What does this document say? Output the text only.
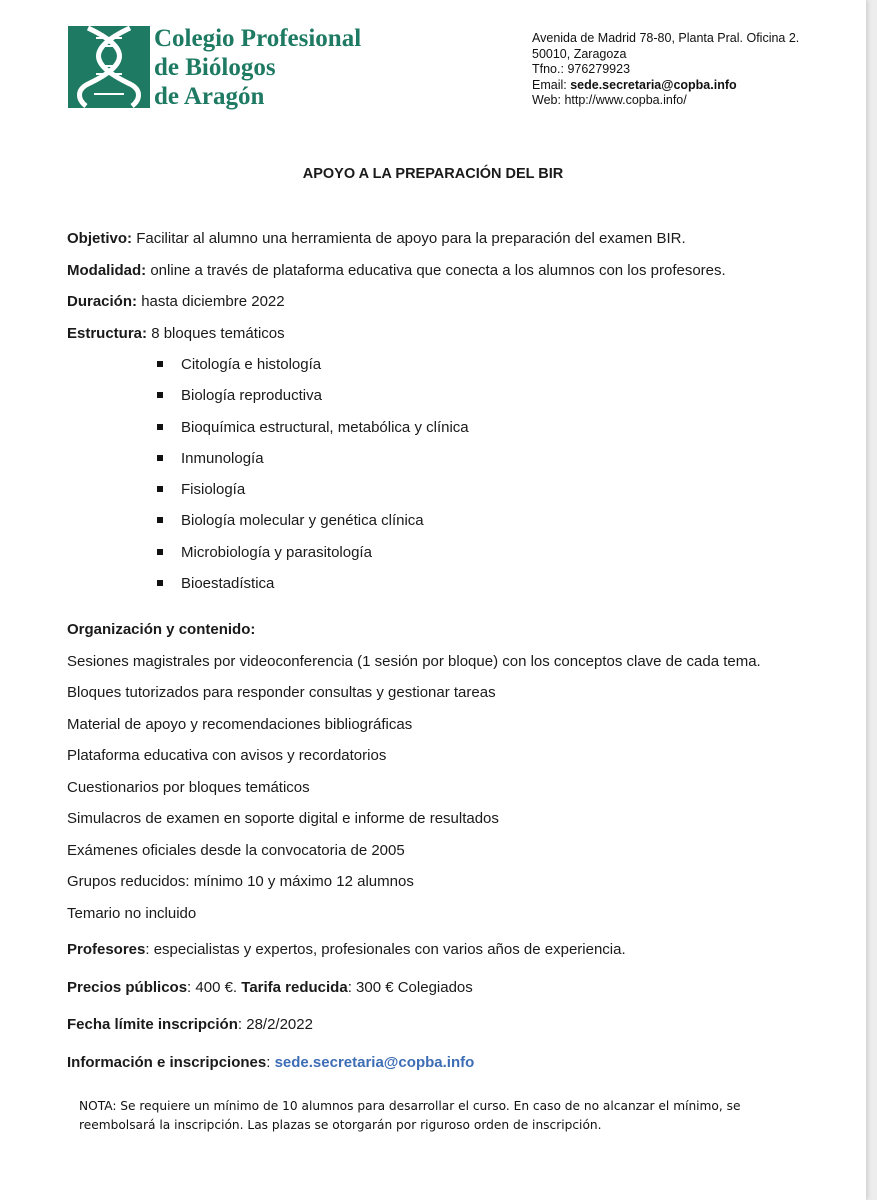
Colegio Profesional
de Biólogos
de Aragón
Avenida de Madrid 78-80, Planta Pral. Oficina 2.
50010, Zaragoza
Tfno.: 976279923
Email: sede.secretaria@copba.info
Web: http://www.copba.info/
APOYO A LA PREPARACIÓN DEL BIR
Objetivo: Facilitar al alumno una herramienta de apoyo para la preparación del examen BIR.
Modalidad: online a través de plataforma educativa que conecta a los alumnos con los profesores.
Duración: hasta diciembre 2022
Estructura: 8 bloques temáticos
Citología e histología
Biología reproductiva
Bioquímica estructural, metabólica y clínica
Inmunología
Fisiología
Biología molecular y genética clínica
Microbiología y parasitología
Bioestadística
Organización y contenido:
Sesiones magistrales por videoconferencia (1 sesión por bloque) con los conceptos clave de cada tema.
Bloques tutorizados para responder consultas y gestionar tareas
Material de apoyo y recomendaciones bibliográficas
Plataforma educativa con avisos y recordatorios
Cuestionarios por bloques temáticos
Simulacros de examen en soporte digital e informe de resultados
Exámenes oficiales desde la convocatoria de 2005
Grupos reducidos: mínimo 10 y máximo 12 alumnos
Temario no incluido
Profesores: especialistas y expertos, profesionales con varios años de experiencia.
Precios públicos: 400 €. Tarifa reducida: 300 € Colegiados
Fecha límite inscripción: 28/2/2022
Información e inscripciones: sede.secretaria@copba.info
NOTA: Se requiere un mínimo de 10 alumnos para desarrollar el curso. En caso de no alcanzar el mínimo, se
reembolsará la inscripción. Las plazas se otorgarán por riguroso orden de inscripción.
